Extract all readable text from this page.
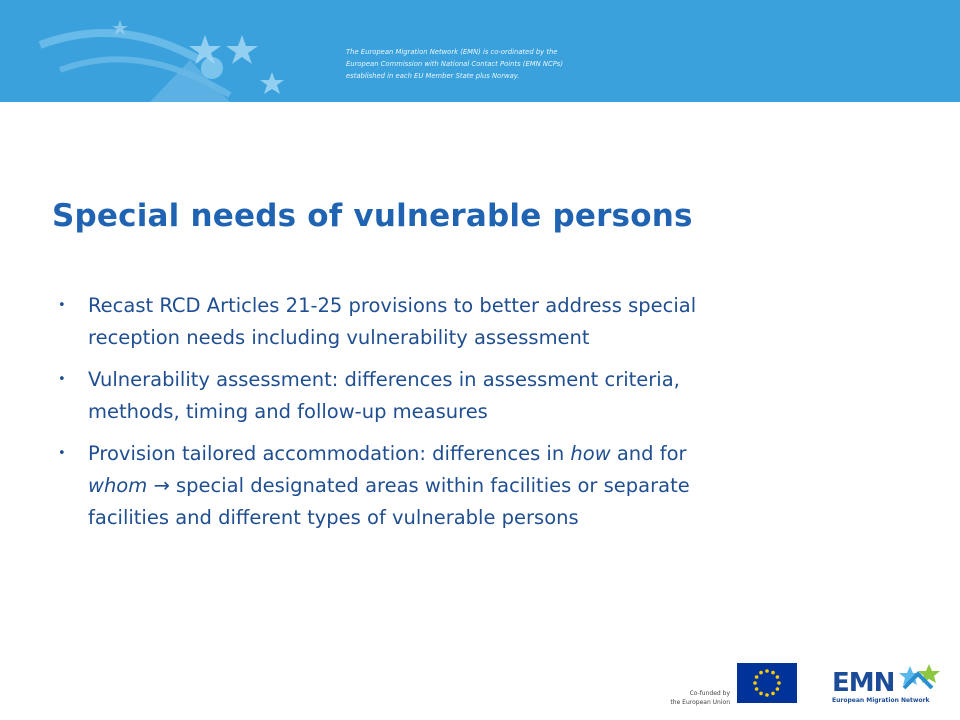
The European Migration Network (EMN) is co-ordinated by the
European Commission with National Contact Points (EMN NCPs)
established in each EU Member State plus Norway.
Special needs of vulnerable persons
• Recast RCD Articles 21-25 provisions to better address special
reception needs including vulnerability assessment
• Vulnerability assessment: differences in assessment criteria,
methods, timing and follow-up measures
• Provision tailored accommodation: differences in how and for
whom → special designated areas within facilities or separate
facilities and different types of vulnerable persons
Co-funded by
the European Union
EMN
European Migration Network
